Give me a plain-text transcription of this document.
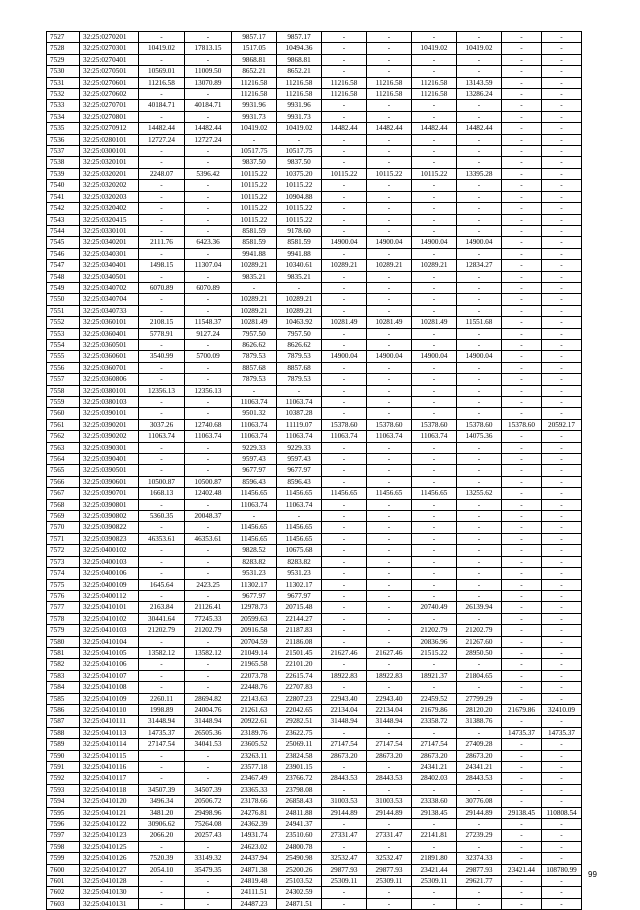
7527	32:25:0270201	-	-	9857.17	9857.17	-	-	-	-	-	-
7528	32:25:0270301	10419.02	17813.15	1517.05	10494.36	-	-	10419.02	10419.02	-	-
7529	32:25:0270401	-	-	9868.81	9868.81	-	-	-	-	-	-
7530	32:25:0270501	10569.01	11009.50	8652.21	8652.21	-	-	-	-	-	-
7531	32:25:0270601	11216.58	13070.89	11216.58	11216.58	11216.58	11216.58	11216.58	13143.59	-	-
7532	32:25:0270602	-	-	11216.58	11216.58	11216.58	11216.58	11216.58	13286.24	-	-
7533	32:25:0270701	40184.71	40184.71	9931.96	9931.96	-	-	-	-	-	-
7534	32:25:0270801	-	-	9931.73	9931.73	-	-	-	-	-	-
7535	32:25:0270912	14482.44	14482.44	10419.02	10419.02	14482.44	14482.44	14482.44	14482.44	-	-
7536	32:25:0280101	12727.24	12727.24	-	-	-	-	-	-	-	-
7537	32:25:0300101	-	-	10517.75	10517.75	-	-	-	-	-	-
7538	32:25:0320101	-	-	9837.50	9837.50	-	-	-	-	-	-
7539	32:25:0320201	2248.07	5396.42	10115.22	10375.20	10115.22	10115.22	10115.22	13395.28	-	-
7540	32:25:0320202	-	-	10115.22	10115.22	-	-	-	-	-	-
7541	32:25:0320203	-	-	10115.22	10904.88	-	-	-	-	-	-
7542	32:25:0320402	-	-	10115.22	10115.22	-	-	-	-	-	-
7543	32:25:0320415	-	-	10115.22	10115.22	-	-	-	-	-	-
7544	32:25:0330101	-	-	8581.59	9178.60	-	-	-	-	-	-
7545	32:25:0340201	2111.76	6423.36	8581.59	8581.59	14900.04	14900.04	14900.04	14900.04	-	-
7546	32:25:0340301	-	-	9941.88	9941.88	-	-	-	-	-	-
7547	32:25:0340401	1498.15	11307.04	10289.21	10340.61	10289.21	10289.21	10289.21	12834.27	-	-
7548	32:25:0340501	-	-	9835.21	9835.21	-	-	-	-	-	-
7549	32:25:0340702	6070.89	6070.89	-	-	-	-	-	-	-	-
7550	32:25:0340704	-	-	10289.21	10289.21	-	-	-	-	-	-
7551	32:25:0340733	-	-	10289.21	10289.21	-	-	-	-	-	-
7552	32:25:0360101	2108.15	11548.37	10281.49	10463.92	10281.49	10281.49	10281.49	11551.68	-	-
7553	32:25:0360401	5778.91	9127.24	7957.50	7957.50	-	-	-	-	-	-
7554	32:25:0360501	-	-	8626.62	8626.62	-	-	-	-	-	-
7555	32:25:0360601	3540.99	5700.09	7879.53	7879.53	14900.04	14900.04	14900.04	14900.04	-	-
7556	32:25:0360701	-	-	8857.68	8857.68	-	-	-	-	-	-
7557	32:25:0360806	-	-	7879.53	7879.53	-	-	-	-	-	-
7558	32:25:0380101	12356.13	12356.13	-	-	-	-	-	-	-	-
7559	32:25:0380103	-	-	11063.74	11063.74	-	-	-	-	-	-
7560	32:25:0390101	-	-	9501.32	10387.28	-	-	-	-	-	-
7561	32:25:0390201	3037.26	12740.68	11063.74	11119.07	15378.60	15378.60	15378.60	15378.60	15378.60	20592.17
7562	32:25:0390202	11063.74	11063.74	11063.74	11063.74	11063.74	11063.74	11063.74	14075.36	-	-
7563	32:25:0390301	-	-	9229.33	9229.33	-	-	-	-	-	-
7564	32:25:0390401	-	-	9597.43	9597.43	-	-	-	-	-	-
7565	32:25:0390501	-	-	9677.97	9677.97	-	-	-	-	-	-
7566	32:25:0390601	10500.87	10500.87	8596.43	8596.43	-	-	-	-	-	-
7567	32:25:0390701	1668.13	12402.48	11456.65	11456.65	11456.65	11456.65	11456.65	13255.62	-	-
7568	32:25:0390801	-	-	11063.74	11063.74	-	-	-	-	-	-
7569	32:25:0390802	5360.35	20048.37	-	-	-	-	-	-	-	-
7570	32:25:0390822	-	-	11456.65	11456.65	-	-	-	-	-	-
7571	32:25:0390823	46353.61	46353.61	11456.65	11456.65	-	-	-	-	-	-
7572	32:25:0400102	-	-	9828.52	10675.68	-	-	-	-	-	-
7573	32:25:0400103	-	-	8283.82	8283.82	-	-	-	-	-	-
7574	32:25:0400106	-	-	9531.23	9531.23	-	-	-	-	-	-
7575	32:25:0400109	1645.64	2423.25	11302.17	11302.17	-	-	-	-	-	-
7576	32:25:0400112	-	-	9677.97	9677.97	-	-	-	-	-	-
7577	32:25:0410101	2163.84	21126.41	12978.73	20715.48	-	-	20740.49	26139.94	-	-
7578	32:25:0410102	30441.64	77245.33	20599.63	22144.27	-	-	-	-	-	-
7579	32:25:0410103	21202.79	21202.79	20916.58	21187.83	-	-	21202.79	21202.79	-	-
7580	32:25:0410104	-	-	20704.59	21186.08	-	-	20836.96	21267.60	-	-
7581	32:25:0410105	13582.12	13582.12	21049.14	21501.45	21627.46	21627.46	21515.22	28950.50	-	-
7582	32:25:0410106	-	-	21965.58	22101.20	-	-	-	-	-	-
7583	32:25:0410107	-	-	22073.78	22615.74	18922.83	18922.83	18921.37	21804.65	-	-
7584	32:25:0410108	-	-	22448.76	22707.83	-	-	-	-	-	-
7585	32:25:0410109	2260.11	28694.82	22143.63	22807.23	22943.40	22943.40	22459.52	27799.29	-	-
7586	32:25:0410110	1998.89	24004.76	21261.63	22042.65	22134.04	22134.04	21679.86	28120.20	21679.86	32410.09
7587	32:25:0410111	31448.94	31448.94	20922.61	29282.51	31448.94	31448.94	23358.72	31388.76	-	-
7588	32:25:0410113	14735.37	26505.36	23189.76	23622.75	-	-	-	-	14735.37	14735.37
7589	32:25:0410114	27147.54	34041.53	23605.52	25069.11	27147.54	27147.54	27147.54	27409.28	-	-
7590	32:25:0410115	-	-	23263.11	23824.58	28673.20	28673.20	28673.20	28673.20	-	-
7591	32:25:0410116	-	-	23577.18	23901.15	-	-	24341.21	24341.21	-	-
7592	32:25:0410117	-	-	23467.49	23766.72	28443.53	28443.53	28402.03	28443.53	-	-
7593	32:25:0410118	34507.39	34507.39	23365.33	23798.08	-	-	-	-	-	-
7594	32:25:0410120	3496.34	20506.72	23178.66	26858.43	31003.53	31003.53	23338.60	30776.08	-	-
7595	32:25:0410121	3481.20	29498.96	24276.81	24811.88	29144.89	29144.89	29138.45	29144.89	29138.45	110808.54
7596	32:25:0410122	30906.62	75264.08	24362.39	24941.37	-	-	-	-	-	-
7597	32:25:0410123	2066.20	20257.43	14931.74	23510.60	27331.47	27331.47	22141.81	27239.29	-	-
7598	32:25:0410125	-	-	24623.02	24800.78	-	-	-	-	-	-
7599	32:25:0410126	7520.39	33149.32	24437.94	25490.98	32532.47	32532.47	21891.80	32374.33	-	-
7600	32:25:0410127	2054.10	35479.35	24871.38	25200.26	29877.93	29877.93	23421.44	29877.93	23421.44	108780.99
7601	32:25:0410128	-	-	24819.48	25103.52	25309.11	25309.11	25309.11	29621.77	-	-
7602	32:25:0410130	-	-	24111.51	24302.59	-	-	-	-	-	-
7603	32:25:0410131	-	-	24487.23	24871.51	-	-	-	-	-	-
99
